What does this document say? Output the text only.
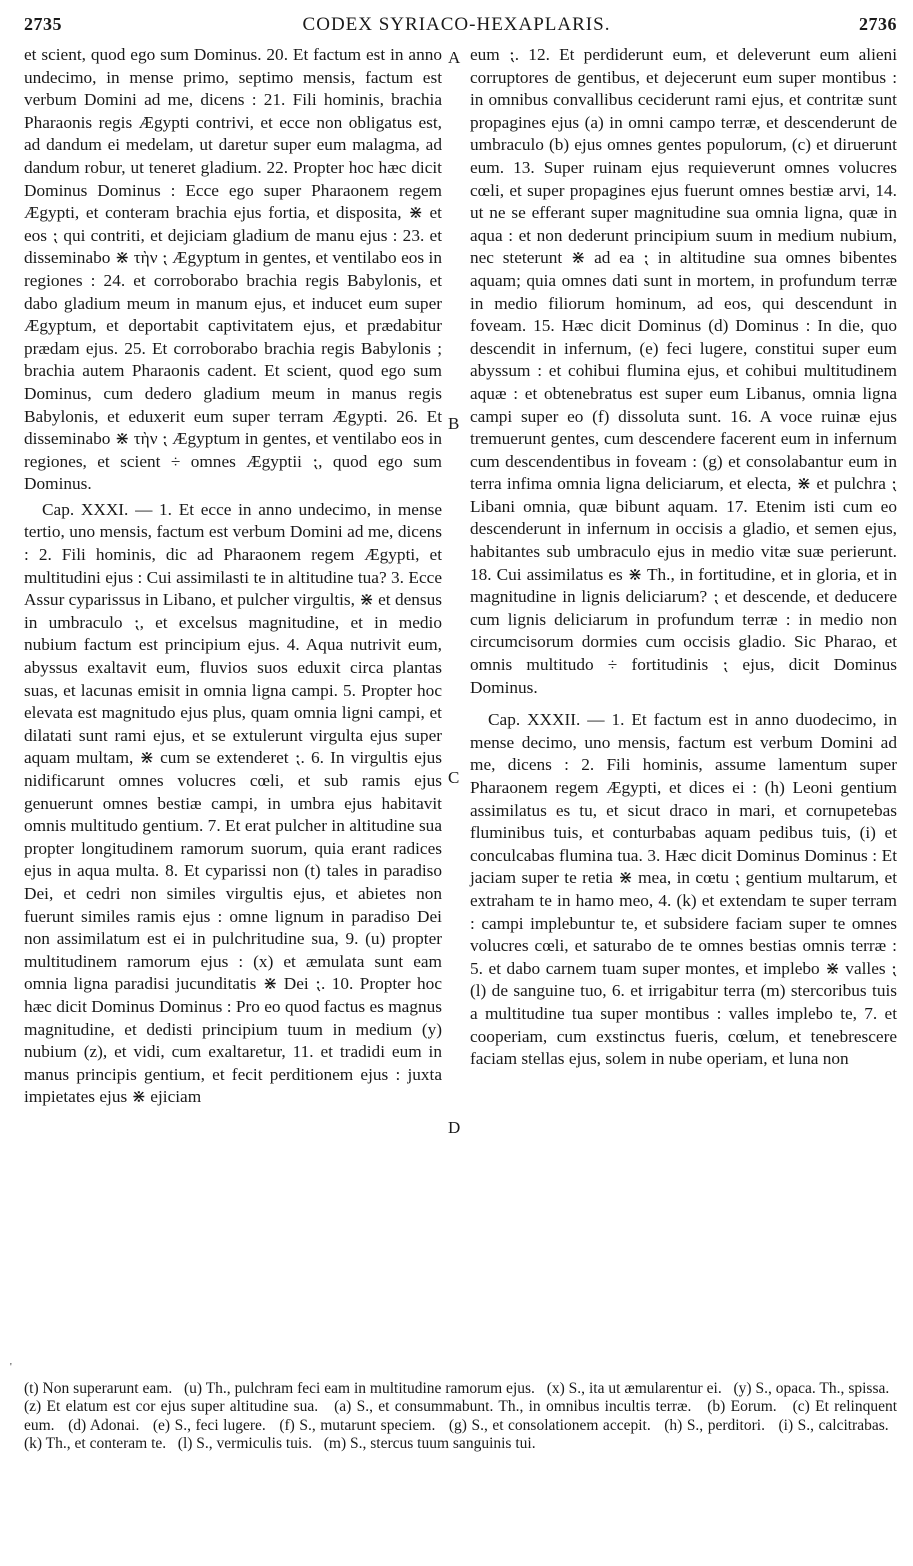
2735	CODEX SYRIACO-HEXAPLARIS.	2736
A
B
C
D

et scient, quod ego sum Dominus. 20. Et factum est in anno undecimo, in mense primo, septimo mensis, factum est verbum Domini ad me, dicens : 21. Fili hominis, brachia Pharaonis regis Ægypti contrivi, et ecce non obligatus est, ad dandum ei medelam, ut daretur super eum malagma, ad dandum robur, ut teneret gladium. 22. Propter hoc hæc dicit Dominus Dominus : Ecce ego super Pharaonem regem Ægypti, et conteram brachia ejus fortia, et disposita, ⋇ et eos ⁏ qui contriti, et dejiciam gladium de manu ejus : 23. et disseminabo ⋇ τὴν ⁏ Ægyptum in gentes, et ventilabo eos in regiones : 24. et corroborabo brachia regis Babylonis, et dabo gladium meum in manum ejus, et inducet eum super Ægyptum, et deportabit captivitatem ejus, et prædabitur prædam ejus. 25. Et corroborabo brachia regis Babylonis ; brachia autem Pharaonis cadent. Et scient, quod ego sum Dominus, cum dedero gladium meum in manus regis Babylonis, et eduxerit eum super terram Ægypti. 26. Et disseminabo ⋇ τὴν ⁏ Ægyptum in gentes, et ventilabo eos in regiones, et scient ÷ omnes Ægyptii ⁏, quod ego sum Dominus.

Cap. XXXI. — 1. Et ecce in anno undecimo, in mense tertio, uno mensis, factum est verbum Domini ad me, dicens : 2. Fili hominis, dic ad Pharaonem regem Ægypti, et multitudini ejus : Cui assimilasti te in altitudine tua? 3. Ecce Assur cyparissus in Libano, et pulcher virgultis, ⋇ et densus in umbraculo ⁏, et excelsus magnitudine, et in medio nubium factum est principium ejus. 4. Aqua nutrivit eum, abyssus exaltavit eum, fluvios suos eduxit circa plantas suas, et lacunas emisit in omnia ligna campi. 5. Propter hoc elevata est magnitudo ejus plus, quam omnia ligni campi, et dilatati sunt rami ejus, et se extulerunt virgulta ejus super aquam multam, ⋇ cum se extenderet ⁏. 6. In virgultis ejus nidificarunt omnes volucres cœli, et sub ramis ejus genuerunt omnes bestiæ campi, in umbra ejus habitavit omnis multitudo gentium. 7. Et erat pulcher in altitudine sua propter longitudinem ramorum suorum, quia erant radices ejus in aqua multa. 8. Et cyparissi non (t) tales in paradiso Dei, et cedri non similes virgultis ejus, et abietes non fuerunt similes ramis ejus : omne lignum in paradiso Dei non assimilatum est ei in pulchritudine sua, 9. (u) propter multitudinem ramorum ejus : (x) et æmulata sunt eam omnia ligna paradisi jucunditatis ⋇ Dei ⁏. 10. Propter hoc hæc dicit Dominus Dominus : Pro eo quod factus es magnus magnitudine, et dedisti principium tuum in medium (y) nubium (z), et vidi, cum exaltaretur, 11. et tradidi eum in manus principis gentium, et fecit perditionem ejus : juxta impietates ejus ⋇ ejiciam

eum ⁏. 12. Et perdiderunt eum, et deleverunt eum alieni corruptores de gentibus, et dejecerunt eum super montibus : in omnibus convallibus ceciderunt rami ejus, et contritæ sunt propagines ejus (a) in omni campo terræ, et descenderunt de umbraculo (b) ejus omnes gentes populorum, (c) et diruerunt eum. 13. Super ruinam ejus requieverunt omnes volucres cœli, et super propagines ejus fuerunt omnes bestiæ arvi, 14. ut ne se efferant super magnitudine sua omnia ligna, quæ in aqua : et non dederunt principium suum in medium nubium, nec steterunt ⋇ ad ea ⁏ in altitudine sua omnes bibentes aquam; quia omnes dati sunt in mortem, in profundum terræ in medio filiorum hominum, ad eos, qui descendunt in foveam. 15. Hæc dicit Dominus (d) Dominus : In die, quo descendit in infernum, (e) feci lugere, constitui super eum abyssum : et cohibui flumina ejus, et cohibui multitudinem aquæ : et obtenebratus est super eum Libanus, omnia ligna campi super eo (f) dissoluta sunt. 16. A voce ruinæ ejus tremuerunt gentes, cum descendere facerent eum in infernum cum descendentibus in foveam : (g) et consolabantur eum in terra infima omnia ligna deliciarum, et electa, ⋇ et pulchra ⁏ Libani omnia, quæ bibunt aquam. 17. Etenim isti cum eo descenderunt in infernum in occisis a gladio, et semen ejus, habitantes sub umbraculo ejus in medio vitæ suæ perierunt. 18. Cui assimilatus es ⋇ Th., in fortitudine, et in gloria, et in magnitudine in lignis deliciarum? ⁏ et descende, et deducere cum lignis deliciarum in profundum terræ : in medio non circumcisorum dormies cum occisis gladio. Sic Pharao, et omnis multitudo ÷ fortitudinis ⁏ ejus, dicit Dominus Dominus.

Cap. XXXII. — 1. Et factum est in anno duodecimo, in mense decimo, uno mensis, factum est verbum Domini ad me, dicens : 2. Fili hominis, assume lamentum super Pharaonem regem Ægypti, et dices ei : (h) Leoni gentium assimilatus es tu, et sicut draco in mari, et cornupetebas fluminibus tuis, et conturbabas aquam pedibus tuis, (i) et conculcabas flumina tua. 3. Hæc dicit Dominus Dominus : Et jaciam super te retia ⋇ mea, in cœtu ⁏ gentium multarum, et extraham te in hamo meo, 4. (k) et extendam te super terram : campi implebuntur te, et subsidere faciam super te omnes volucres cœli, et saturabo de te omnes bestias omnis terræ : 5. et dabo carnem tuam super montes, et implebo ⋇ valles ⁏ (l) de sanguine tuo, 6. et irrigabitur terra (m) stercoribus tuis a multitudine tua super montibus : valles implebo te, 7. et cooperiam, cum exstinctus fueris, cœlum, et tenebrescere faciam stellas ejus, solem in nube operiam, et luna non

'
(t) Non superarunt eam. (u) Th., pulchram feci eam in multitudine ramorum ejus. (x) S., ita ut æmularentur ei. (y) S., opaca. Th., spissa.   (z) Et elatum est cor ejus super altitudine sua. (a) S., et consummabunt. Th., in omnibus incultis terræ. (b) Eorum. (c) Et relinquent eum. (d) Adonai. (e) S., feci lugere. (f) S., mutarunt speciem. (g) S., et consolationem accepit. (h) S., perditori. (i) S., calcitrabas.   (k) Th., et conteram te. (l) S., vermiculis tuis. (m) S., stercus tuum sanguinis tui.
